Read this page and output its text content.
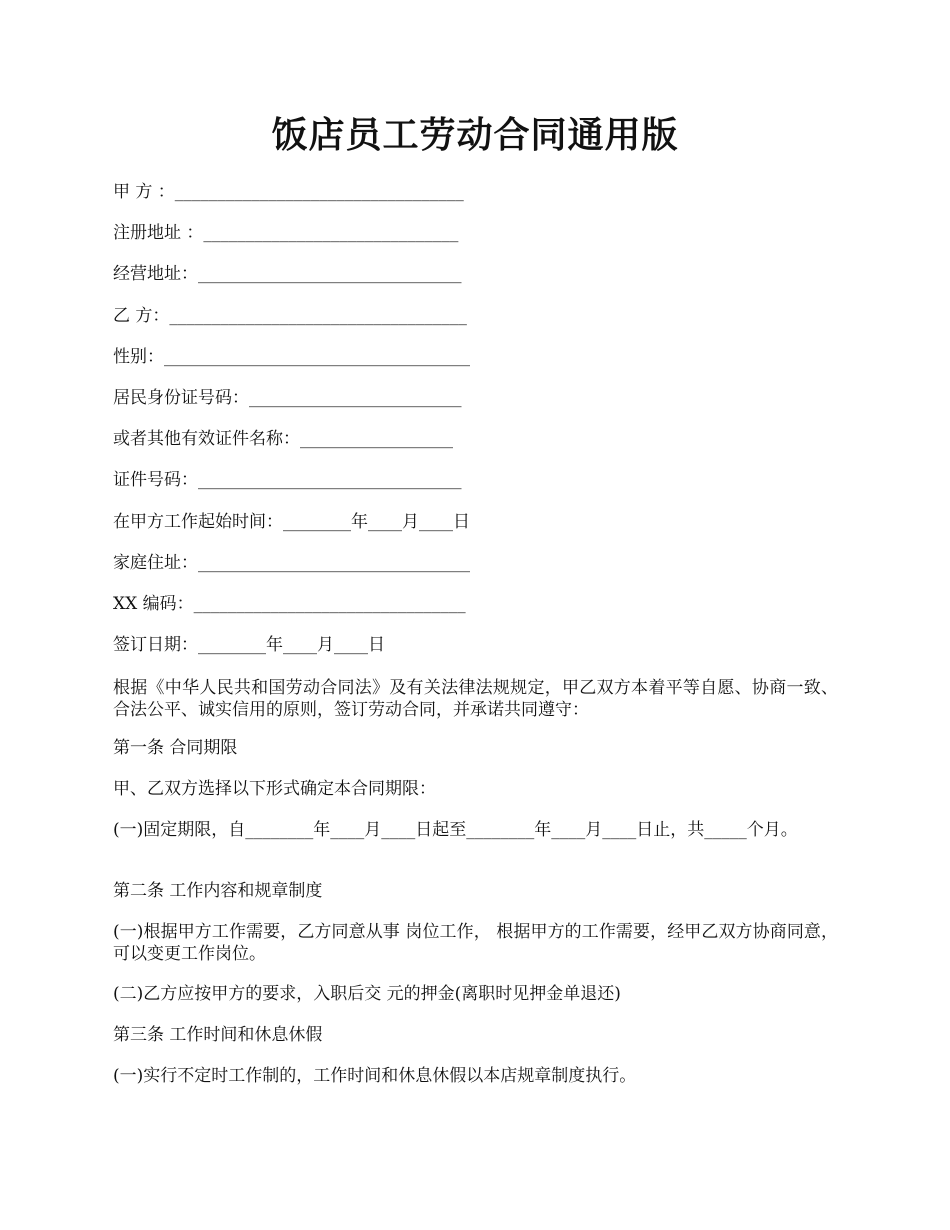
饭店员工劳动合同通用版
甲 方 ：__________________________________
注册地址 ：______________________________
经营地址：_______________________________
乙 方：___________________________________
性别：____________________________________
居民身份证号码：_________________________
或者其他有效证件名称：__________________
证件号码：_______________________________
在甲方工作起始时间：________年____月____日
家庭住址：________________________________
XX 编码：________________________________
签订日期：________年____月____日
根据《中华人民共和国劳动合同法》及有关法律法规规定，甲乙双方本着平等自愿、协商一致、合法公平、诚实信用的原则，签订劳动合同，并承诺共同遵守：
第一条 合同期限
甲、乙双方选择以下形式确定本合同期限：
(一)固定期限，自________年____月____日起至________年____月____日止，共_____个月。
第二条 工作内容和规章制度
(一)根据甲方工作需要，乙方同意从事 岗位工作， 根据甲方的工作需要，经甲乙双方协商同意，可以变更工作岗位。
(二)乙方应按甲方的要求，入职后交 元的押金(离职时见押金单退还)
第三条 工作时间和休息休假
(一)实行不定时工作制的，工作时间和休息休假以本店规章制度执行。
